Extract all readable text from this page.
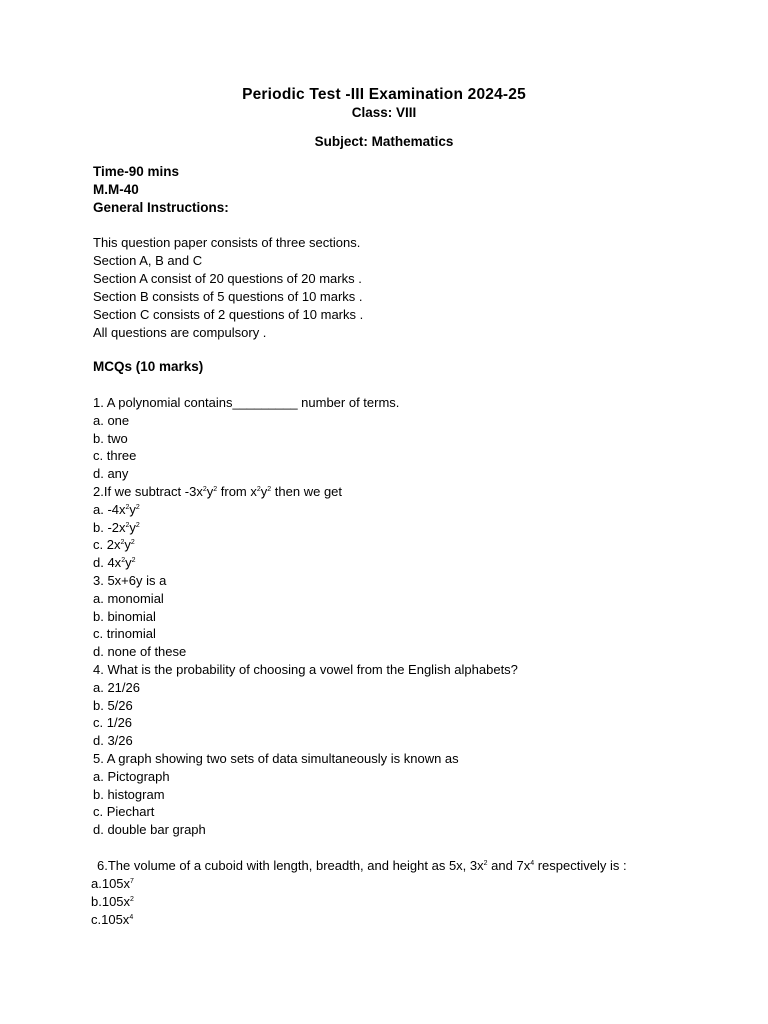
Periodic Test -III Examination 2024-25
Class: VIII
Subject: Mathematics
Time-90 mins
M.M-40
General Instructions:
This question paper consists of three sections.
Section A, B and C
Section A consist of 20 questions of 20 marks .
Section B consists of 5 questions of 10 marks .
Section C consists of 2 questions of 10 marks .
All questions are compulsory .
MCQs (10 marks)
1. A polynomial contains_________ number of terms.
a. one
b. two
c. three
d. any
2.If we subtract $-3x^2y^2$ from $x^2y^2$ then we get
a. $-4x^2y^2$
b. $-2x^2y^2$
c. $2x^2y^2$
d. $4x^2y^2$
3. 5x+6y is a
a. monomial
b. binomial
c. trinomial
d. none of these
4. What is the probability of choosing a vowel from the English alphabets?
a. 21/26
b. 5/26
c. 1/26
d. 3/26
5. A graph showing two sets of data simultaneously is known as
a. Pictograph
b. histogram
c. Piechart
d. double bar graph
6.The volume of a cuboid with length, breadth, and height as 5x, $3x^2$ and $7x^4$ respectively is :
$a.105x^7$
$b.105x^2$
$c.105x^4$
